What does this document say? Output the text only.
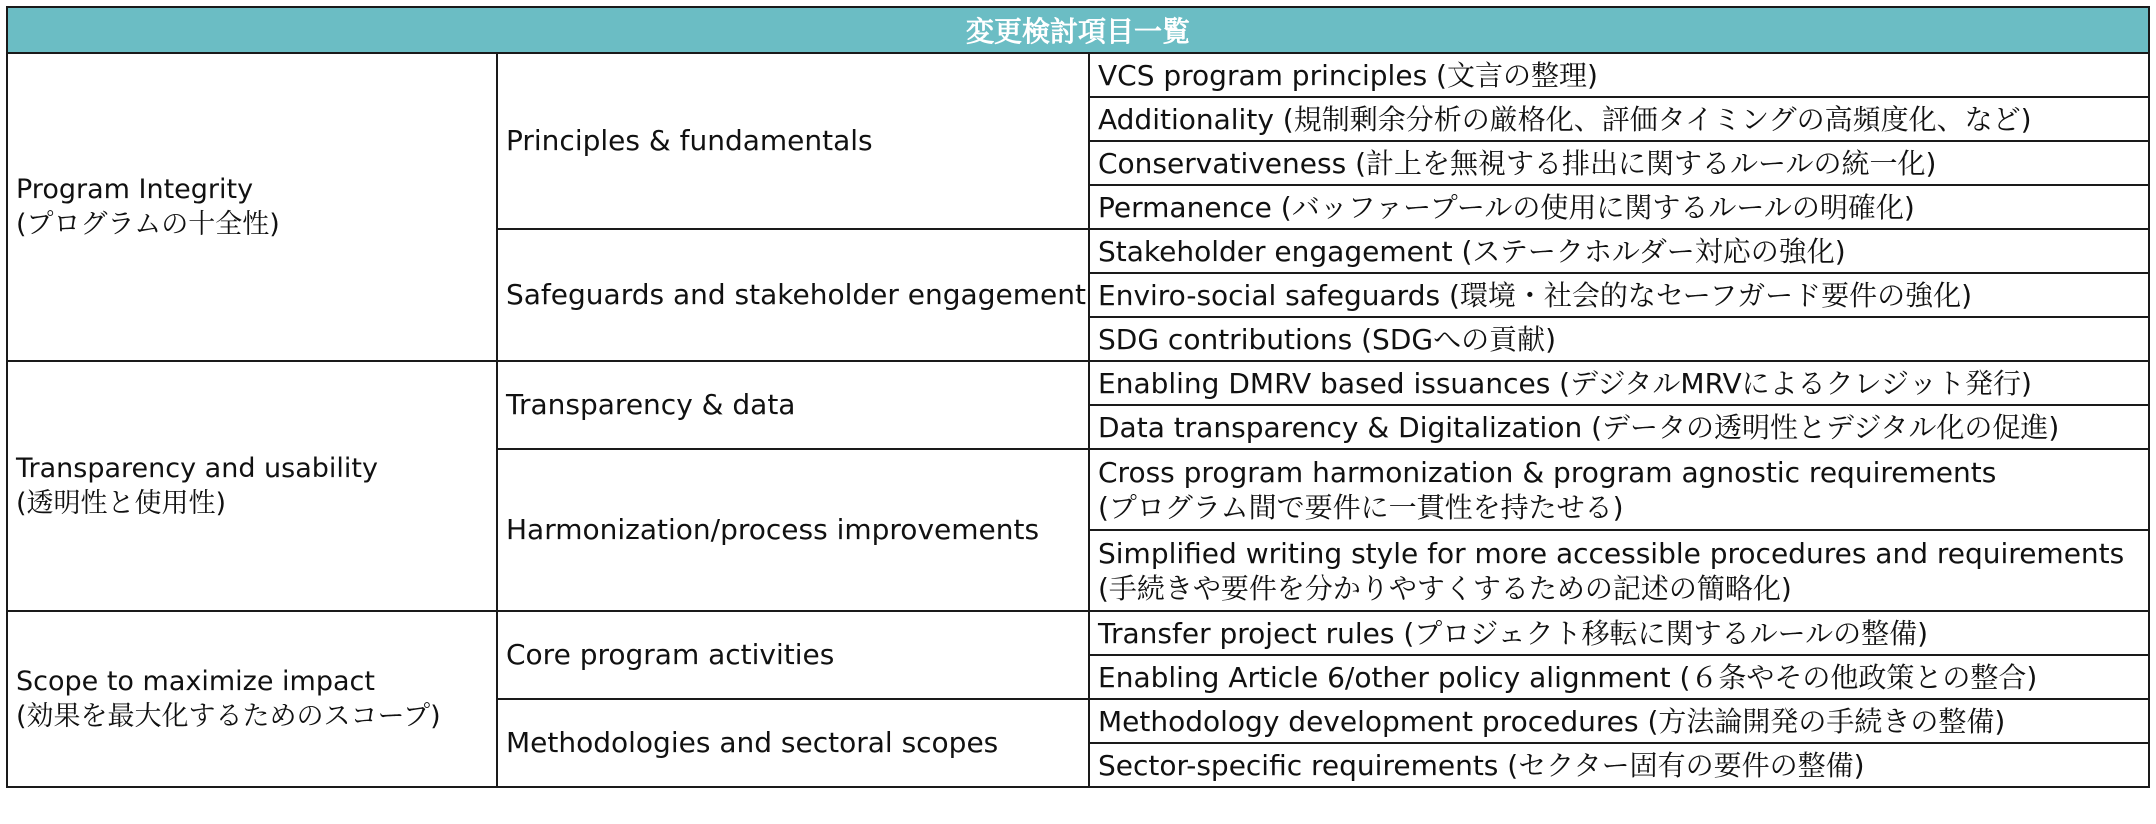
変更検討項目一覧		
Program Integrity
(プログラムの十全性)	Principles & fundamentals	VCS program principles (文言の整理)
		Additionality (規制剰余分析の厳格化、評価タイミングの高頻度化、など)
		Conservativeness (計上を無視する排出に関するルールの統一化)
		Permanence (バッファープールの使用に関するルールの明確化)
	Safeguards and stakeholder engagement	Stakeholder engagement (ステークホルダー対応の強化)
		Enviro-social safeguards (環境・社会的なセーフガード要件の強化)
		SDG contributions (SDGへの貢献)
Transparency and usability
(透明性と使用性)	Transparency & data	Enabling DMRV based issuances (デジタルMRVによるクレジット発行)
		Data transparency & Digitalization (データの透明性とデジタル化の促進)
	Harmonization/process improvements	Cross program harmonization & program agnostic requirements
(プログラム間で要件に一貫性を持たせる)
		Simplified writing style for more accessible procedures and requirements
(手続きや要件を分かりやすくするための記述の簡略化)
Scope to maximize impact
(効果を最大化するためのスコープ)	Core program activities	Transfer project rules (プロジェクト移転に関するルールの整備)
		Enabling Article 6/other policy alignment (６条やその他政策との整合)
	Methodologies and sectoral scopes	Methodology development procedures (方法論開発の手続きの整備)
		Sector-specific requirements (セクター固有の要件の整備)
